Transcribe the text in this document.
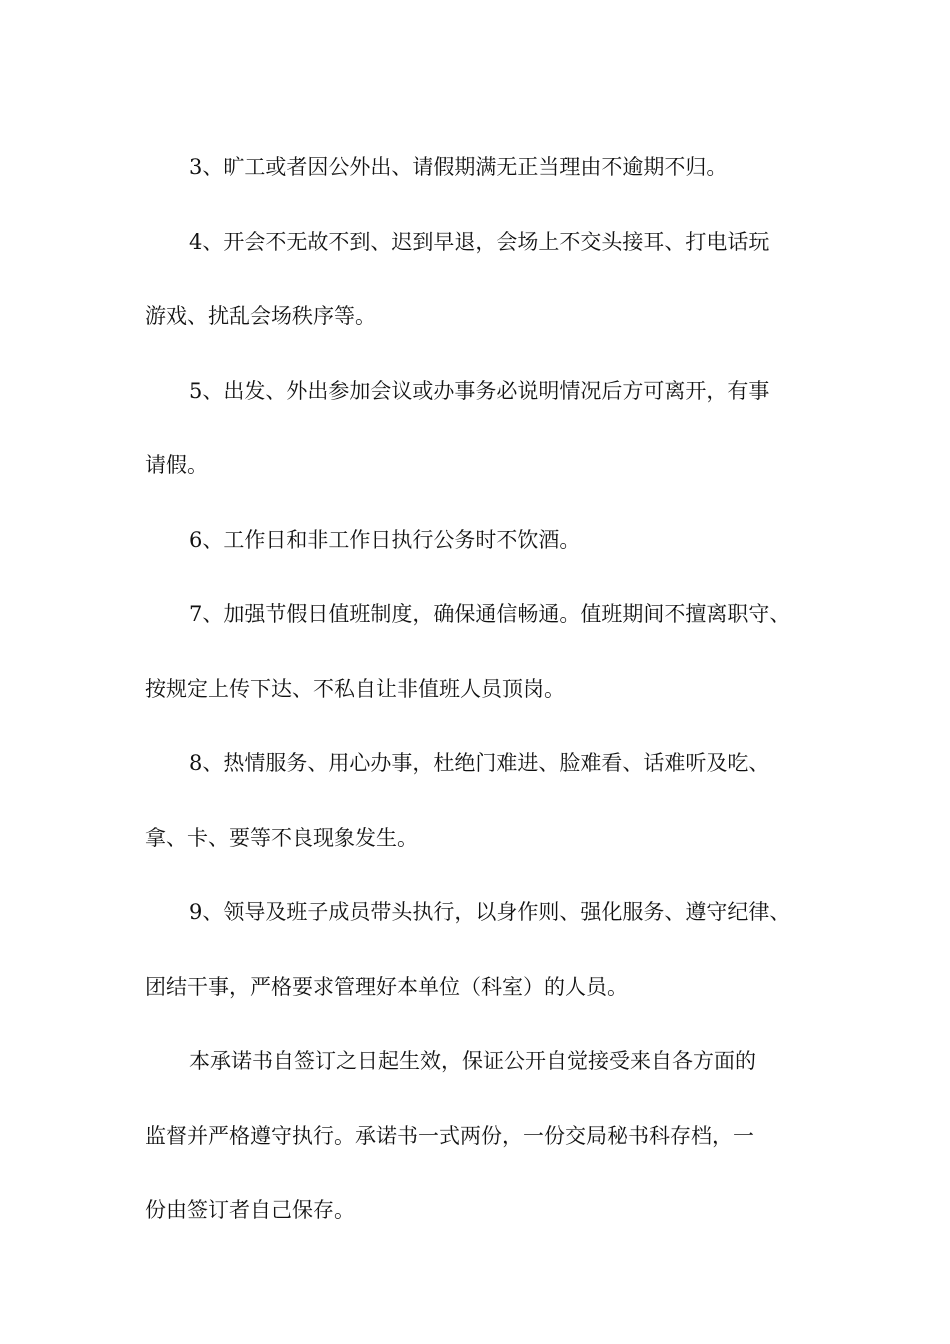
3、旷工或者因公外出、请假期满无正当理由不逾期不归。

4、开会不无故不到、迟到早退，会场上不交头接耳、打电话玩

游戏、扰乱会场秩序等。

5、出发、外出参加会议或办事务必说明情况后方可离开，有事

请假。

6、工作日和非工作日执行公务时不饮酒。

7、加强节假日值班制度，确保通信畅通。值班期间不擅离职守、

按规定上传下达、不私自让非值班人员顶岗。

8、热情服务、用心办事，杜绝门难进、脸难看、话难听及吃、

拿、卡、要等不良现象发生。

9、领导及班子成员带头执行，以身作则、强化服务、遵守纪律、

团结干事，严格要求管理好本单位（科室）的人员。

本承诺书自签订之日起生效，保证公开自觉接受来自各方面的

监督并严格遵守执行。承诺书一式两份，一份交局秘书科存档，一

份由签订者自己保存。
